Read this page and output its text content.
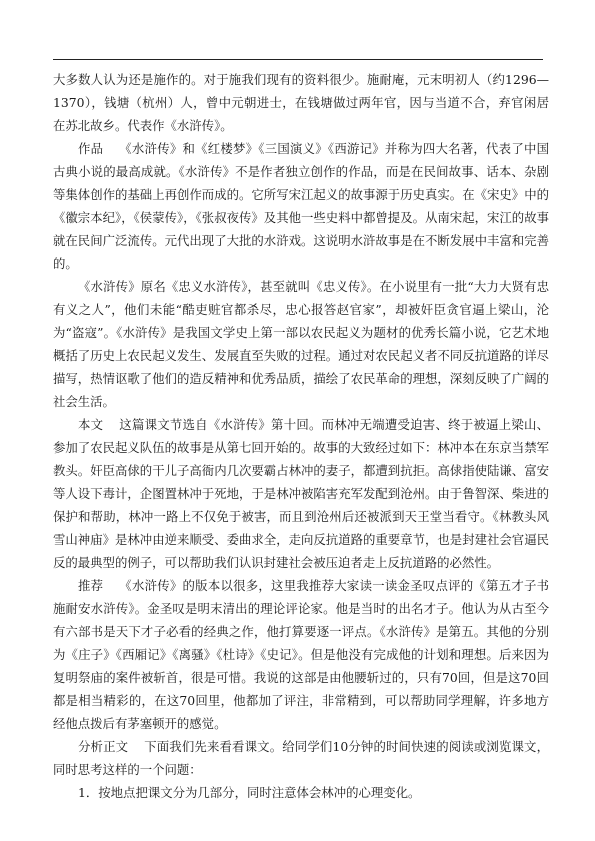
大多数人认为还是施作的。对于施我们现有的资料很少。施耐庵，元末明初人（约1296—1370），钱塘（杭州）人，曾中元朝进士，在钱塘做过两年官，因与当道不合，弃官闲居在苏北故乡。代表作《水浒传》。

作品 《水浒传》和《红楼梦》《三国演义》《西游记》并称为四大名著，代表了中国古典小说的最高成就。《水浒传》不是作者独立创作的作品，而是在民间故事、话本、杂剧等集体创作的基础上再创作而成的。它所写宋江起义的故事源于历史真实。在《宋史》中的《徽宗本纪》，《侯蒙传》，《张叔夜传》及其他一些史料中都曾提及。从南宋起，宋江的故事就在民间广泛流传。元代出现了大批的水浒戏。这说明水浒故事是在不断发展中丰富和完善的。

《水浒传》原名《忠义水浒传》，甚至就叫《忠义传》。在小说里有一批“大力大贤有忠有义之人”，他们未能“酷吏赃官都杀尽，忠心报答赵官家”，却被奸臣贪官逼上梁山，沦为“盗寇”。《水浒传》是我国文学史上第一部以农民起义为题材的优秀长篇小说，它艺术地概括了历史上农民起义发生、发展直至失败的过程。通过对农民起义者不同反抗道路的详尽描写，热情讴歌了他们的造反精神和优秀品质，描绘了农民革命的理想，深刻反映了广阔的社会生活。

本文 这篇课文节选自《水浒传》第十回。而林冲无端遭受迫害、终于被逼上梁山、参加了农民起义队伍的故事是从第七回开始的。故事的大致经过如下：林冲本在东京当禁军教头。奸臣高俅的干儿子高衙内几次要霸占林冲的妻子，都遭到抗拒。高俅指使陆谦、富安等人设下毒计，企图置林冲于死地，于是林冲被陷害充军发配到沧州。由于鲁智深、柴进的保护和帮助，林冲一路上不仅免于被害，而且到沧州后还被派到天王堂当看守。《林教头风雪山神庙》是林冲由逆来顺受、委曲求全，走向反抗道路的重要章节，也是封建社会官逼民反的最典型的例子，可以帮助我们认识封建社会被压迫者走上反抗道路的必然性。

推荐 《水浒传》的版本以很多，这里我推荐大家读一读金圣叹点评的《第五才子书施耐安水浒传》。金圣叹是明末清出的理论评论家。他是当时的出名才子。他认为从古至今有六部书是天下才子必看的经典之作，他打算要逐一评点。《水浒传》是第五。其他的分别为《庄子》《西厢记》《离骚》《杜诗》《史记》。但是他没有完成他的计划和理想。后来因为复明祭庙的案件被斩首，很是可惜。我说的这部是由他腰斩过的，只有70回，但是这70回都是相当精彩的，在这70回里，他都加了评注，非常精到，可以帮助同学理解，许多地方经他点拨后有茅塞顿开的感觉。

分析正文 下面我们先来看看课文。给同学们10分钟的时间快速的阅读或浏览课文，同时思考这样的一个问题：

1．按地点把课文分为几部分，同时注意体会林冲的心理变化。
